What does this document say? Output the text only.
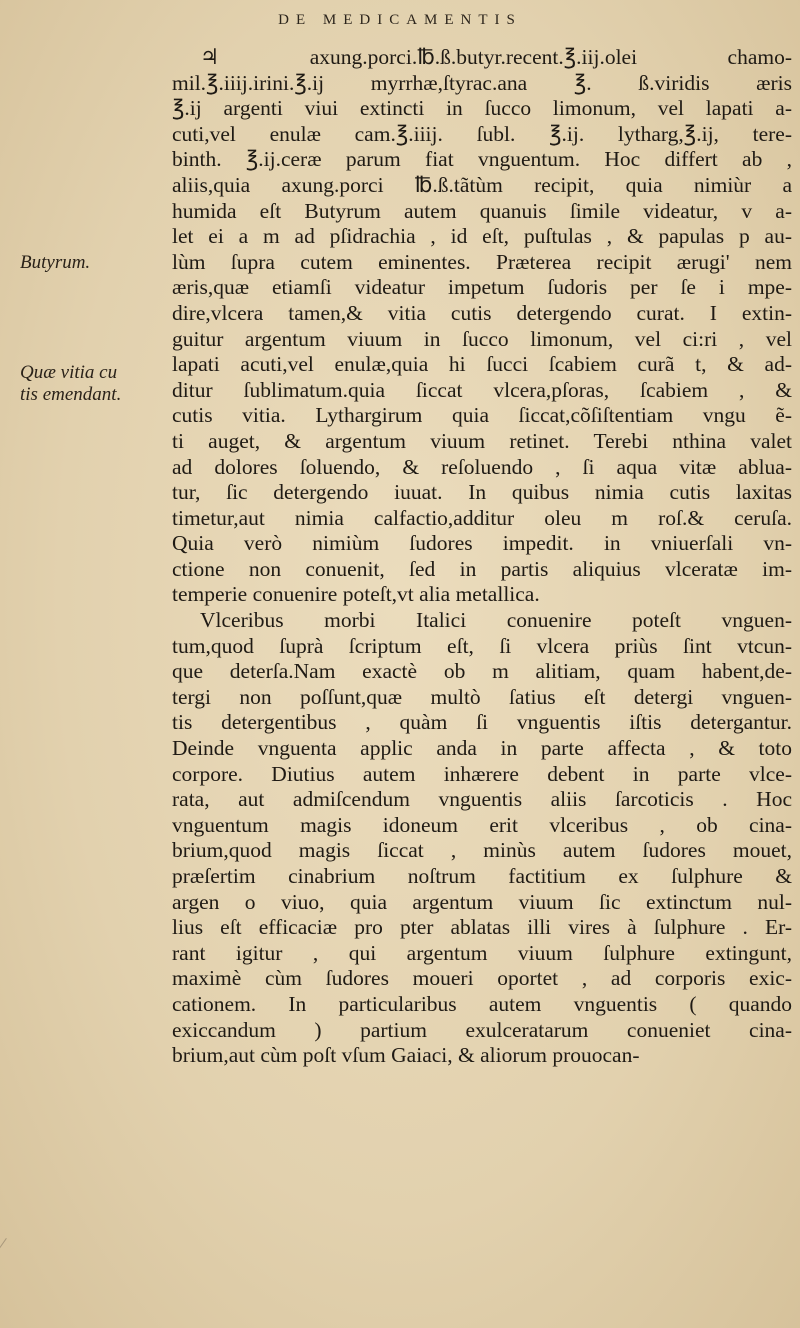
DE MEDICAMENTIS
Butyrum.
Quæ vitia cu
tis emendant.
♃ axung.porci.℔.ß.butyr.recent.℥.iij.olei chamo-
mil.℥.iiij.irini.℥.ij myrrhæ,ſtyrac.ana ℥. ß.viridis æris
℥.ij argenti viui extincti in ſucco limonum, vel lapati a-
cuti,vel enulæ cam.℥.iiij. ſubl. ℥.ij. lytharg,℥.ij, tere-
binth. ℥.ij.ceræ parum fiat vnguentum. Hoc differt ab ,
aliis,quia axung.porci ℔.ß.tãtùm recipit, quia nimiùr a
humida eſt Butyrum autem quanuis ſimile videatur, v a-
let ei a m ad pſidrachia , id eſt, puſtulas , & papulas p au-
lùm ſupra cutem eminentes. Præterea recipit ærugi' nem
æris,quæ etiamſi videatur impetum ſudoris per ſe i mpe-
dire,vlcera tamen,& vitia cutis detergendo curat. I extin-
guitur argentum viuum in ſucco limonum, vel ci:ri , vel
lapati acuti,vel enulæ,quia hi ſucci ſcabiem curã t, & ad-
ditur ſublimatum.quia ſiccat vlcera,pſoras, ſcabiem , &
cutis vitia. Lythargirum quia ſiccat,cõſiſtentiam vngu ẽ-
ti auget, & argentum viuum retinet. Terebi nthina valet
ad dolores ſoluendo, & reſoluendo , ſi aqua vitæ ablua-
tur, ſic detergendo iuuat. In quibus nimia cutis laxitas
timetur,aut nimia calfactio,additur oleu m roſ.& ceruſa.
Quia verò nimiùm ſudores impedit. in vniuerſali vn-
ctione non conuenit, ſed in partis aliquius vlceratæ im-
temperie conuenire poteſt,vt alia metallica.
Vlceribus morbi Italici conuenire poteſt vnguen-
tum,quod ſuprà ſcriptum eſt, ſi vlcera priùs ſint vtcun-
que deterſa.Nam exactè ob m alitiam, quam habent,de-
tergi non poſſunt,quæ multò ſatius eſt detergi vnguen-
tis detergentibus , quàm ſi vnguentis iſtis detergantur.
Deinde vnguenta applic anda in parte affecta , & toto
corpore. Diutius autem inhærere debent in parte vlce-
rata, aut admiſcendum vnguentis aliis ſarcoticis . Hoc
vnguentum magis idoneum erit vlceribus , ob cina-
brium,quod magis ſiccat , minùs autem ſudores mouet,
præſertim cinabrium noſtrum factitium ex ſulphure &
argen o viuo, quia argentum viuum ſic extinctum nul-
lius eſt efficaciæ pro pter ablatas illi vires à ſulphure . Er-
rant igitur , qui argentum viuum ſulphure extingunt,
maximè cùm ſudores moueri oportet , ad corporis exic-
cationem. In particularibus autem vnguentis ( quando
exiccandum ) partium exulceratarum conueniet cina-
brium,aut cùm poſt vſum Gaiaci, & aliorum prouocan-
